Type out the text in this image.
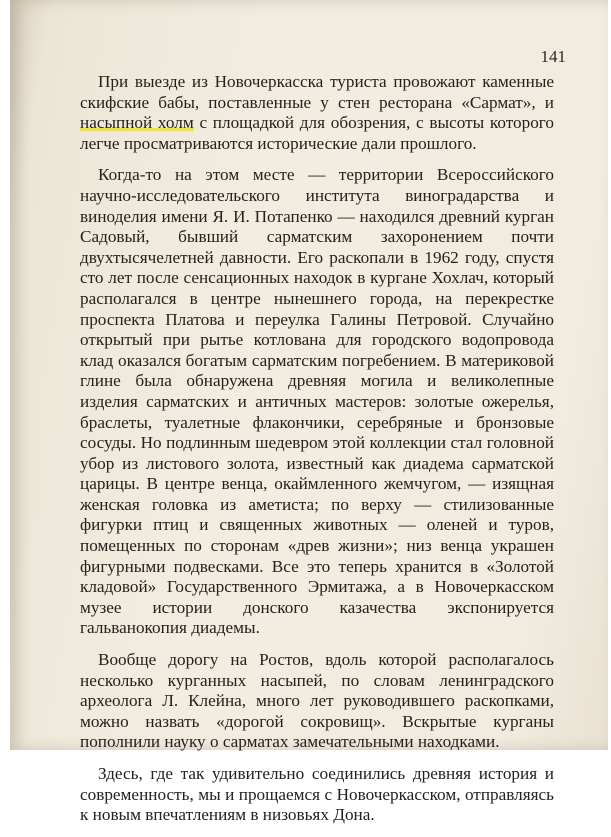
141

При выезде из Новочеркасска туриста провожают каменные скифские бабы, поставленные у стен ресторана «Сармат», и насыпной холм с площадкой для обозрения, с высоты которого легче просматриваются исторические дали прошлого.

Когда-то на этом месте — территории Всероссийского научно-исследовательского института виноградарства и виноделия имени Я. И. Потапенко — находился древний курган Садовый, бывший сарматским захоронением почти двухтысячелетней давности. Его раскопали в 1962 году, спустя сто лет после сенсационных находок в кургане Хохлач, который располагался в центре нынешнего города, на перекрестке проспекта Платова и переулка Галины Петровой. Случайно открытый при рытье котлована для городского водопровода клад оказался богатым сарматским погребением. В материковой глине была обнаружена древняя могила и великолепные изделия сарматских и античных мастеров: золотые ожерелья, браслеты, туалетные флакончики, серебряные и бронзовые сосуды. Но подлинным шедевром этой коллекции стал головной убор из листового золота, известный как диадема сарматской царицы. В центре венца, окаймленного жемчугом, — изящная женская головка из аметиста; по верху — стилизованные фигурки птиц и священных животных — оленей и туров, помещенных по сторонам «древ жизни»; низ венца украшен фигурными подвесками. Все это теперь хранится в «Золотой кладовой» Государственного Эрмитажа, а в Новочеркасском музее истории донского казачества экспонируется гальванокопия диадемы.

Вообще дорогу на Ростов, вдоль которой располагалось несколько курганных насыпей, по словам ленинградского археолога Л. Клейна, много лет руководившего раскопками, можно назвать «дорогой сокровищ». Вскрытые курганы пополнили науку о сарматах замечательными находками.

Здесь, где так удивительно соединились древняя история и современность, мы и прощаемся с Новочеркасском, отправляясь к новым впечатлениям в низовьях Дона.
